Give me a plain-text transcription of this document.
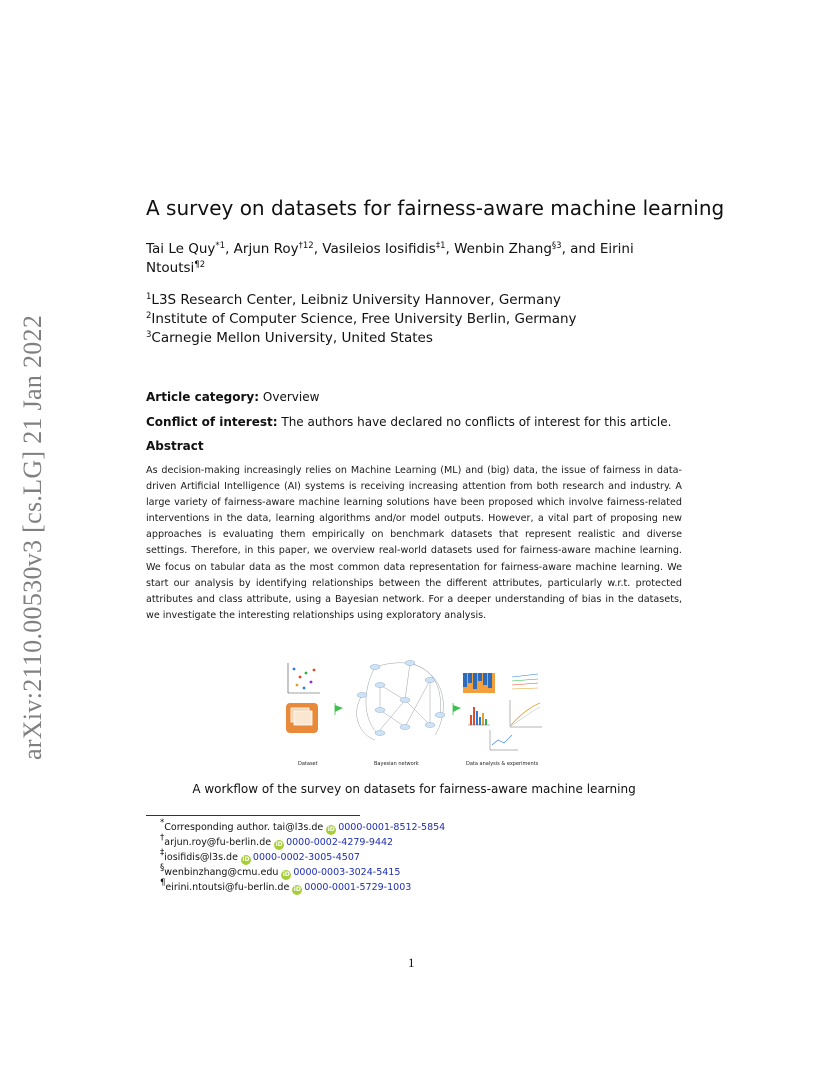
arXiv:2110.00530v3 [cs.LG] 21 Jan 2022
A survey on datasets for fairness-aware machine learning
Tai Le Quy$^{*1}$, Arjun Roy$^{\dagger 12}$, Vasileios Iosifidis$^{\ddagger 1}$, Wenbin Zhang$^{\S 3}$, and Eirini
Ntoutsi$^{\P 2}$
$^1$L3S Research Center, Leibniz University Hannover, Germany
$^2$Institute of Computer Science, Free University Berlin, Germany
$^3$Carnegie Mellon University, United States
Article category: Overview
Conflict of interest: The authors have declared no conflicts of interest for this article.
Abstract
As decision-making increasingly relies on Machine Learning (ML) and (big) data, the issue of fairness in data-driven Artificial Intelligence (AI) systems is receiving increasing attention from both research and industry. A large variety of fairness-aware machine learning solutions have been proposed which involve fairness-related interventions in the data, learning algorithms and/or model outputs. However, a vital part of proposing new approaches is evaluating them empirically on benchmark datasets that represent realistic and diverse settings. Therefore, in this paper, we overview real-world datasets used for fairness-aware machine learning. We focus on tabular data as the most common data representation for fairness-aware machine learning. We start our analysis by identifying relationships between the different attributes, particularly w.r.t. protected attributes and class attribute, using a Bayesian network. For a deeper understanding of bias in the datasets, we investigate the interesting relationships using exploratory analysis.
Dataset	Bayesian network	Data analysis & experiments
A workflow of the survey on datasets for fairness-aware machine learning
*Corresponding author. tai@l3s.de iD 0000-0001-8512-5854
†arjun.roy@fu-berlin.de iD 0000-0002-4279-9442
‡iosifidis@l3s.de iD 0000-0002-3005-4507
§wenbinzhang@cmu.edu iD 0000-0003-3024-5415
¶eirini.ntoutsi@fu-berlin.de iD 0000-0001-5729-1003
1
